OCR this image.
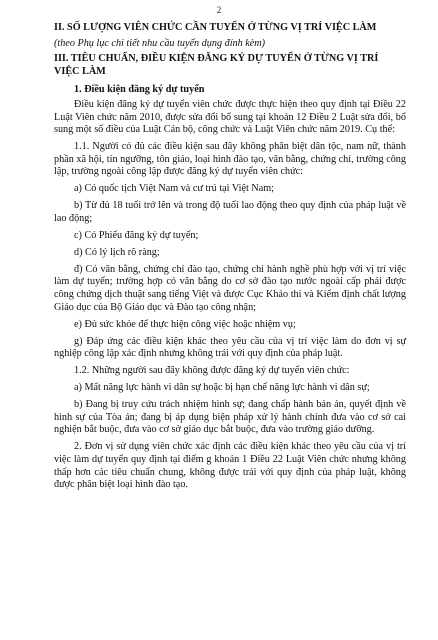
2
II. SỐ LƯỢNG VIÊN CHỨC CẦN TUYỂN Ở TỪNG VỊ TRÍ VIỆC LÀM
(theo Phụ lục chi tiết nhu cầu tuyển dụng đính kèm)
III. TIÊU CHUẨN, ĐIỀU KIỆN ĐĂNG KÝ DỰ TUYỂN Ở TỪNG VỊ TRÍ VIỆC LÀM
1. Điều kiện đăng ký dự tuyển

Điều kiện đăng ký dự tuyển viên chức được thực hiện theo quy định tại Điều 22 Luật Viên chức năm 2010, được sửa đổi bổ sung tại khoản 12 Điều 2 Luật sửa đổi, bổ sung một số điều của Luật Cán bộ, công chức và Luật Viên chức năm 2019. Cụ thể:

1.1. Người có đủ các điều kiện sau đây không phân biệt dân tộc, nam nữ, thành phần xã hội, tín ngưỡng, tôn giáo, loại hình đào tạo, văn bằng, chứng chỉ, trường công lập, trường ngoài công lập được đăng ký dự tuyển viên chức:

a) Có quốc tịch Việt Nam và cư trú tại Việt Nam;

b) Từ đủ 18 tuổi trở lên và trong độ tuổi lao động theo quy định của pháp luật về lao động;

c) Có Phiếu đăng ký dự tuyển;

d) Có lý lịch rõ ràng;

đ) Có văn bằng, chứng chỉ đào tạo, chứng chỉ hành nghề phù hợp với vị trí việc làm dự tuyển; trường hợp có văn bằng do cơ sở đào tạo nước ngoài cấp phải được công chứng dịch thuật sang tiếng Việt và được Cục Khảo thí và Kiểm định chất lượng Giáo dục của Bộ Giáo dục và Đào tạo công nhận;

e) Đủ sức khỏe để thực hiện công việc hoặc nhiệm vụ;

g) Đáp ứng các điều kiện khác theo yêu cầu của vị trí việc làm do đơn vị sự nghiệp công lập xác định nhưng không trái với quy định của pháp luật.

1.2. Những người sau đây không được đăng ký dự tuyển viên chức:

a) Mất năng lực hành vi dân sự hoặc bị hạn chế năng lực hành vi dân sự;

b) Đang bị truy cứu trách nhiệm hình sự; đang chấp hành bản án, quyết định về hình sự của Tòa án; đang bị áp dụng biện pháp xử lý hành chính đưa vào cơ sở cai nghiện bắt buộc, đưa vào cơ sở giáo dục bắt buộc, đưa vào trường giáo dưỡng.

2. Đơn vị sử dụng viên chức xác định các điều kiện khác theo yêu cầu của vị trí việc làm dự tuyển quy định tại điểm g khoản 1 Điều 22 Luật Viên chức nhưng không thấp hơn các tiêu chuẩn chung, không được trái với quy định của pháp luật, không được phân biệt loại hình đào tạo.
